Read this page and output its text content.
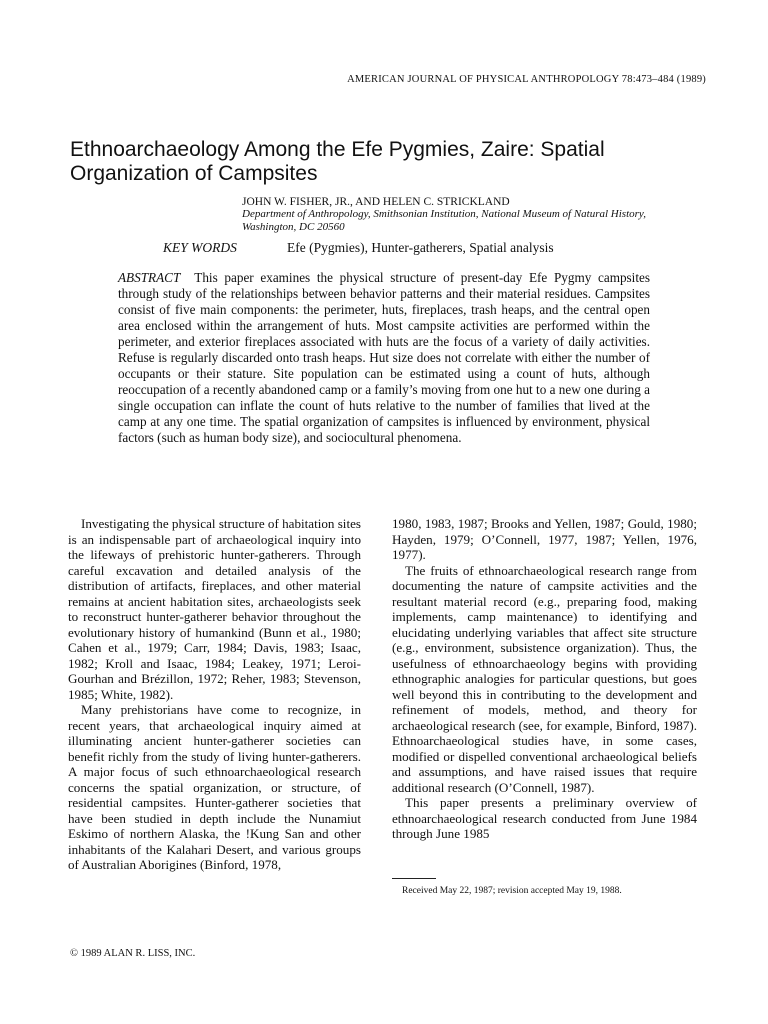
AMERICAN JOURNAL OF PHYSICAL ANTHROPOLOGY 78:473–484 (1989)
Ethnoarchaeology Among the Efe Pygmies, Zaire: Spatial Organization of Campsites
JOHN W. FISHER, JR., AND HELEN C. STRICKLAND
Department of Anthropology, Smithsonian Institution, National Museum of Natural History, Washington, DC 20560
KEY WORDS	Efe (Pygmies), Hunter-gatherers, Spatial analysis

ABSTRACT This paper examines the physical structure of present-day Efe Pygmy campsites through study of the relationships between behavior patterns and their material residues. Campsites consist of five main components: the perimeter, huts, fireplaces, trash heaps, and the central open area enclosed within the arrangement of huts. Most campsite activities are performed within the perimeter, and exterior fireplaces associated with huts are the focus of a variety of daily activities. Refuse is regularly discarded onto trash heaps. Hut size does not correlate with either the number of occupants or their stature. Site population can be estimated using a count of huts, although reoccupation of a recently abandoned camp or a family’s moving from one hut to a new one during a single occupation can inflate the count of huts relative to the number of families that lived at the camp at any one time. The spatial organization of campsites is influenced by environment, physical factors (such as human body size), and sociocultural phenomena.

Investigating the physical structure of habitation sites is an indispensable part of archaeological inquiry into the lifeways of prehistoric hunter-gatherers. Through careful excavation and detailed analysis of the distribution of artifacts, fireplaces, and other material remains at ancient habitation sites, archaeologists seek to reconstruct hunter-gatherer behavior throughout the evolutionary history of humankind (Bunn et al., 1980; Cahen et al., 1979; Carr, 1984; Davis, 1983; Isaac, 1982; Kroll and Isaac, 1984; Leakey, 1971; Leroi-Gourhan and Brézillon, 1972; Reher, 1983; Stevenson, 1985; White, 1982).

Many prehistorians have come to recognize, in recent years, that archaeological inquiry aimed at illuminating ancient hunter-gatherer societies can benefit richly from the study of living hunter-gatherers. A major focus of such ethnoarchaeological research concerns the spatial organization, or structure, of residential campsites. Hunter-gatherer societies that have been studied in depth include the Nunamiut Eskimo of northern Alaska, the !Kung San and other inhabitants of the Kalahari Desert, and various groups of Australian Aborigines (Binford, 1978,

1980, 1983, 1987; Brooks and Yellen, 1987; Gould, 1980; Hayden, 1979; O’Connell, 1977, 1987; Yellen, 1976, 1977).

The fruits of ethnoarchaeological research range from documenting the nature of campsite activities and the resultant material record (e.g., preparing food, making implements, camp maintenance) to identifying and elucidating underlying variables that affect site structure (e.g., environment, subsistence organization). Thus, the usefulness of ethnoarchaeology begins with providing ethnographic analogies for particular questions, but goes well beyond this in contributing to the development and refinement of models, method, and theory for archaeological research (see, for example, Binford, 1987). Ethnoarchaeological studies have, in some cases, modified or dispelled conventional archaeological beliefs and assumptions, and have raised issues that require additional research (O’Connell, 1987).

This paper presents a preliminary overview of ethnoarchaeological research conducted from June 1984 through June 1985

Received May 22, 1987; revision accepted May 19, 1988.
© 1989 ALAN R. LISS, INC.
